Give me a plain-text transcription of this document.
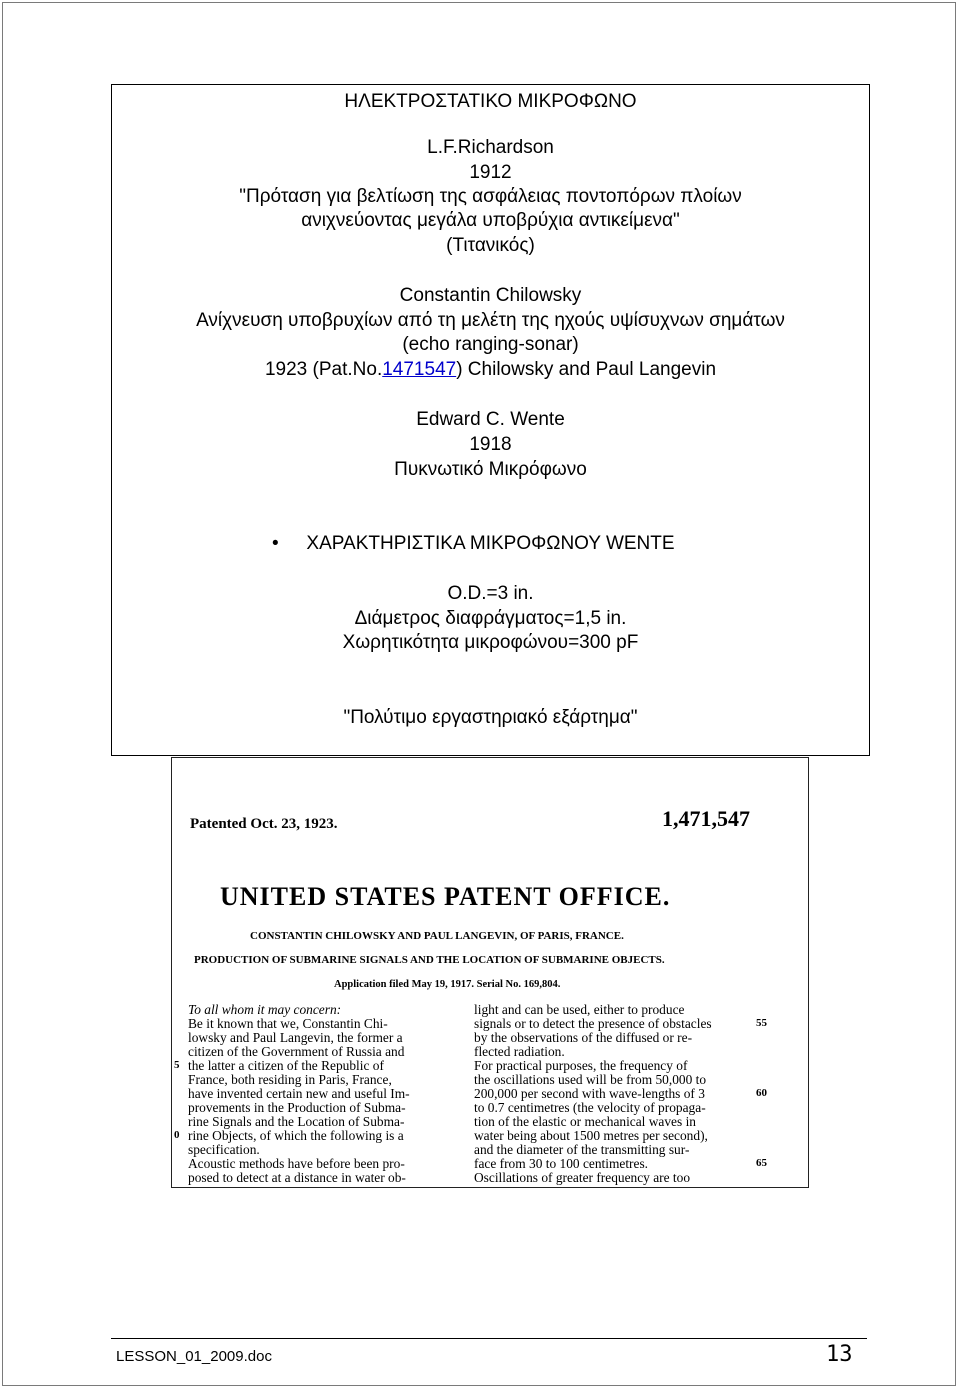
ΗΛΕΚΤΡΟΣΤΑΤΙΚΟ ΜΙΚΡΟΦΩΝΟ
L.F.Richardson
1912
"Πρόταση για βελτίωση της ασφάλειας ποντοπόρων πλοίων
ανιχνεύοντας μεγάλα υποβρύχια αντικείμενα"
(Τιτανικός)
Constantin Chilowsky
Ανίχνευση υποβρυχίων από τη μελέτη της ηχούς υψίσυχνων σημάτων
(echo ranging-sonar)
1923 (Pat.No.1471547) Chilowsky and Paul Langevin
Edward C. Wente
1918
Πυκνωτικό Μικρόφωνο
•	ΧΑΡΑΚΤΗΡΙΣΤΙΚΑ ΜΙΚΡΟΦΩΝΟΥ WENTE
O.D.=3 in.
Διάμετρος διαφράγματος=1,5 in.
Χωρητικότητα μικροφώνου=300 pF
"Πολύτιμο εργαστηριακό εξάρτημα"
Patented Oct. 23, 1923.	1,471,547
UNITED STATES PATENT OFFICE.
CONSTANTIN CHILOWSKY AND PAUL LANGEVIN, OF PARIS, FRANCE.
PRODUCTION OF SUBMARINE SIGNALS AND THE LOCATION OF SUBMARINE OBJECTS.
Application filed May 19, 1917. Serial No. 169,804.
To all whom it may concern:
Be it known that we, Constantin Chi-
lowsky and Paul Langevin, the former a
citizen of the Government of Russia and
the latter a citizen of the Republic of
France, both residing in Paris, France,
have invented certain new and useful Im-
provements in the Production of Subma-
rine Signals and the Location of Subma-
rine Objects, of which the following is a
specification.
Acoustic methods have before been pro-
posed to detect at a distance in water ob-
light and can be used, either to produce
signals or to detect the presence of obstacles
by the observations of the diffused or re-
flected radiation.
For practical purposes, the frequency of
the oscillations used will be from 50,000 to
200,000 per second with wave-lengths of 3
to 0.7 centimetres (the velocity of propaga-
tion of the elastic or mechanical waves in
water being about 1500 metres per second),
and the diameter of the transmitting sur-
face from 30 to 100 centimetres.
Oscillations of greater frequency are too
5
0
55
60
65
LESSON_01_2009.doc	13
